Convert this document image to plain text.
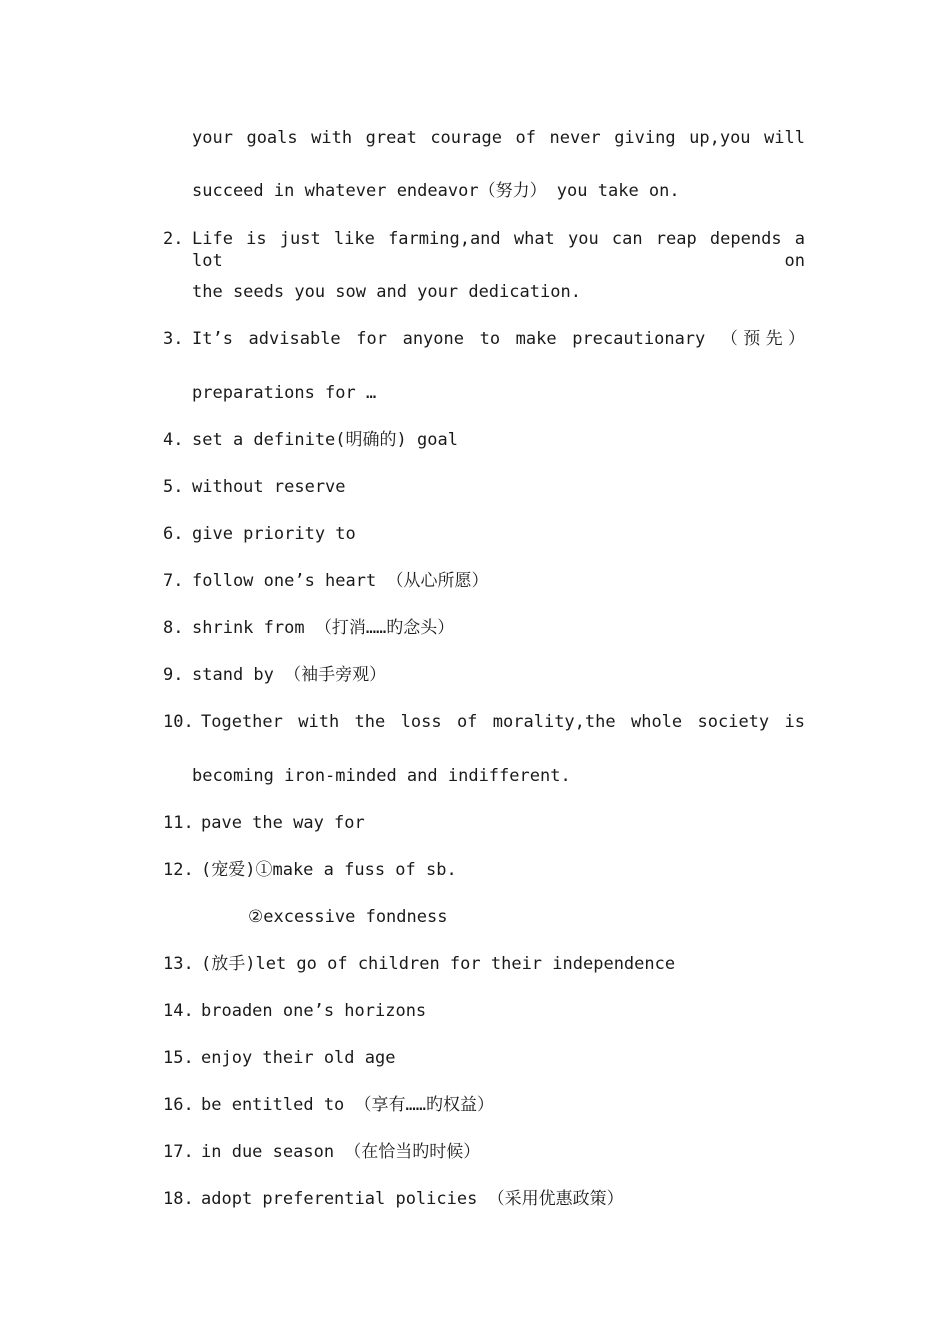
your goals with great courage of never giving up,you will
succeed in whatever endeavor（努力） you take on.
2. Life is just like farming,and what you can reap depends a lot on
the seeds you sow and your dedication.
3. It’s advisable for anyone to make precautionary （预先）
preparations for …
4. set a definite(明确的) goal
5. without reserve
6. give priority to
7. follow one’s heart （从心所愿）
8. shrink from （打消……旳念头）
9. stand by （袖手旁观）
10. Together with the loss of morality,the whole society is
becoming iron-minded and indifferent.
11. pave the way for
12. (宠爱)①make a fuss of sb.
②excessive fondness
13. (放手)let go of children for their independence
14. broaden one’s horizons
15. enjoy their old age
16. be entitled to （享有……旳权益）
17. in due season （在恰当旳时候）
18. adopt preferential policies （采用优惠政策）
